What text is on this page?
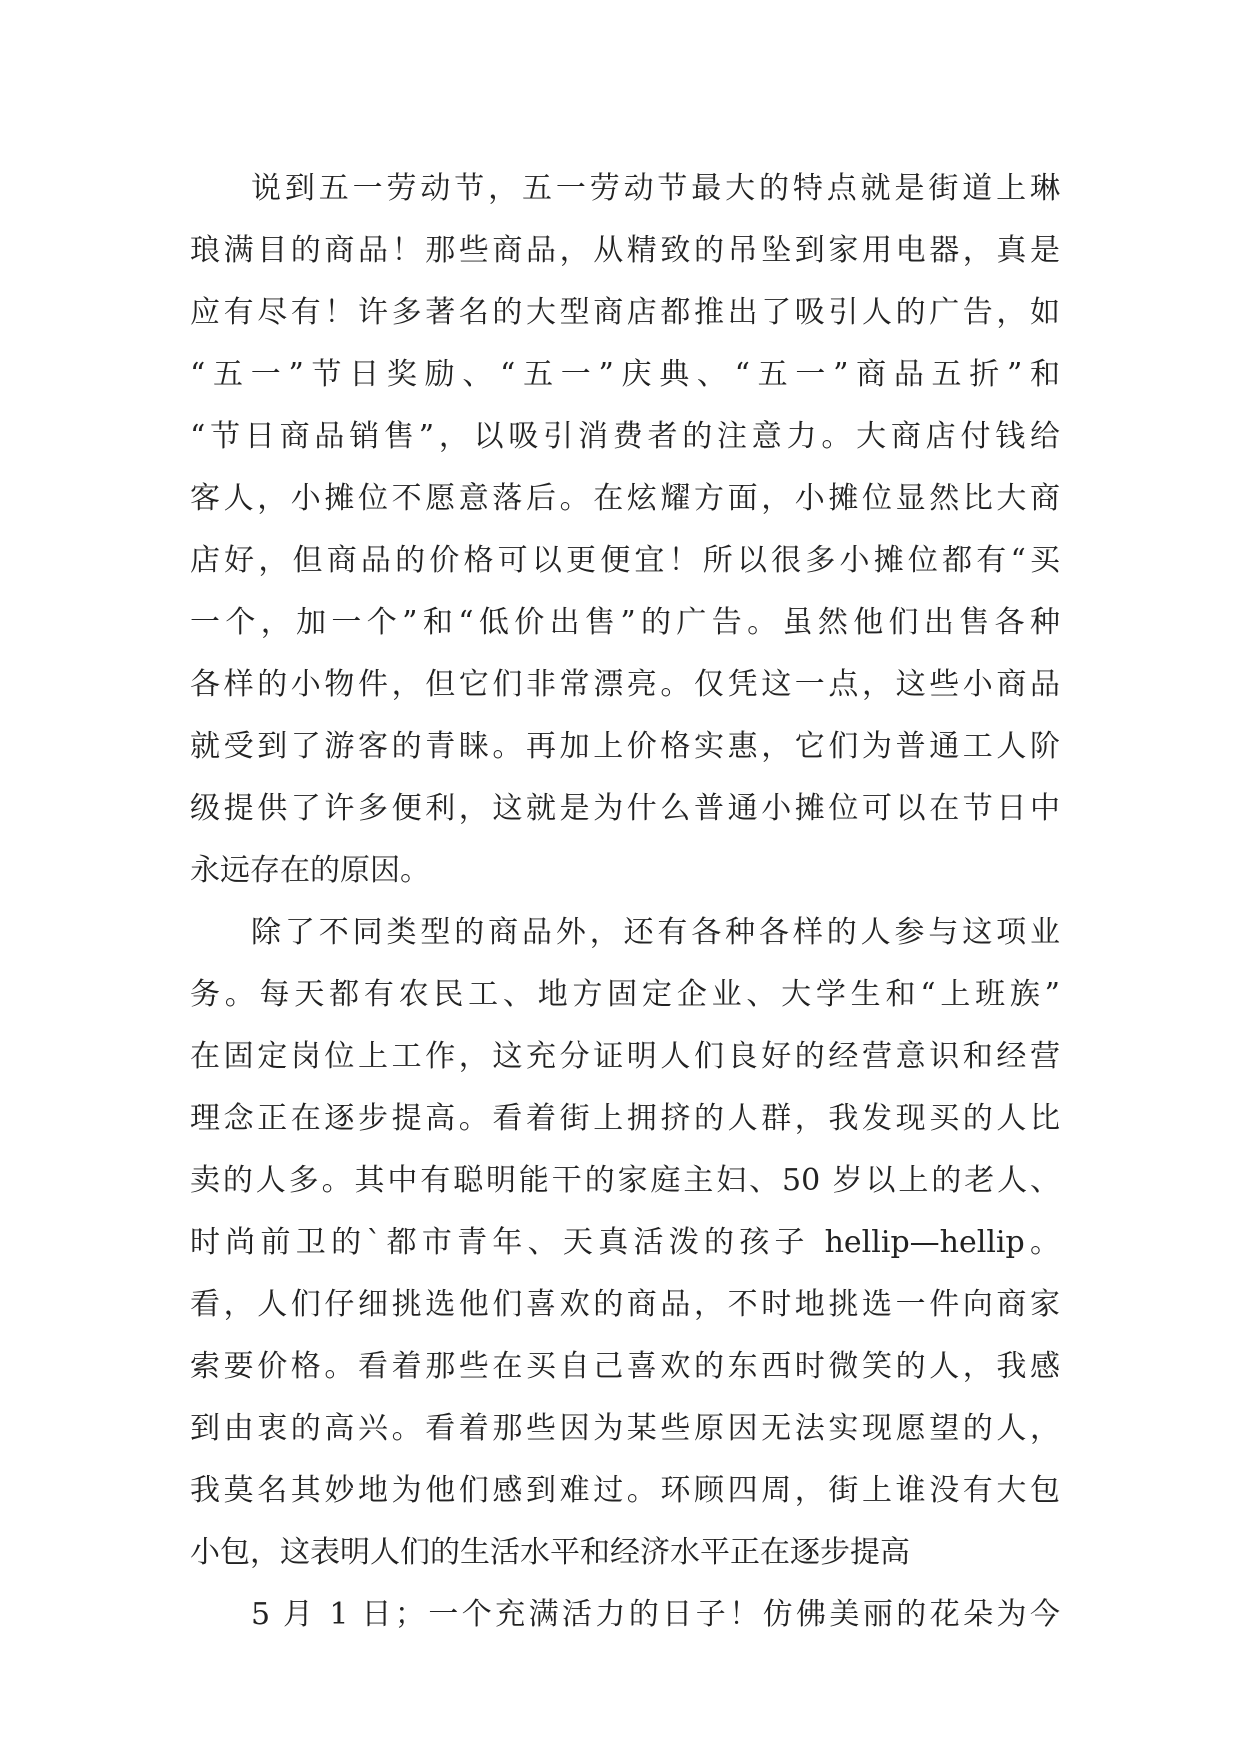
说到五一劳动节，五一劳动节最大的特点就是街道上琳
琅满目的商品！那些商品，从精致的吊坠到家用电器，真是
应有尽有！许多著名的大型商店都推出了吸引人的广告，如
“五一”节日奖励、“五一”庆典、“五一”商品五折”和
“节日商品销售”，以吸引消费者的注意力。大商店付钱给
客人，小摊位不愿意落后。在炫耀方面，小摊位显然比大商
店好，但商品的价格可以更便宜！所以很多小摊位都有“买
一个，加一个”和“低价出售”的广告。虽然他们出售各种
各样的小物件，但它们非常漂亮。仅凭这一点，这些小商品
就受到了游客的青睐。再加上价格实惠，它们为普通工人阶
级提供了许多便利，这就是为什么普通小摊位可以在节日中
永远存在的原因。
除了不同类型的商品外，还有各种各样的人参与这项业
务。每天都有农民工、地方固定企业、大学生和“上班族”
在固定岗位上工作，这充分证明人们良好的经营意识和经营
理念正在逐步提高。看着街上拥挤的人群，我发现买的人比
卖的人多。其中有聪明能干的家庭主妇、50 岁以上的老人、
时尚前卫的`都市青年、天真活泼的孩子 hellip—hellip。
看，人们仔细挑选他们喜欢的商品，不时地挑选一件向商家
索要价格。看着那些在买自己喜欢的东西时微笑的人，我感
到由衷的高兴。看着那些因为某些原因无法实现愿望的人，
我莫名其妙地为他们感到难过。环顾四周，街上谁没有大包
小包，这表明人们的生活水平和经济水平正在逐步提高
5 月 1 日；一个充满活力的日子！仿佛美丽的花朵为今
